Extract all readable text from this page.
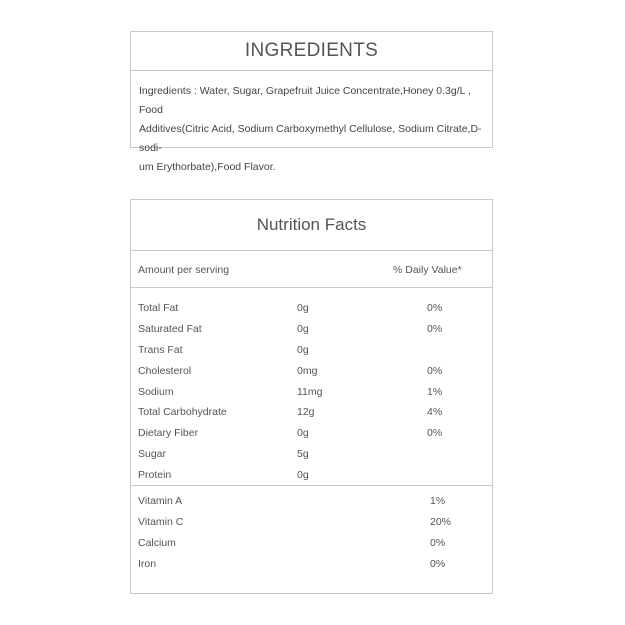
INGREDIENTS
Ingredients : Water, Sugar, Grapefruit Juice Concentrate,Honey 0.3g/L , Food
Additives(Citric Acid, Sodium Carboxymethyl Cellulose, Sodium Citrate,D-sodi-
um Erythorbate),Food Flavor.
Nutrition Facts
Amount per serving	% Daily Value*
Total Fat	0g	0%
Saturated Fat	0g	0%
Trans Fat	0g
Cholesterol	0mg	0%
Sodium	11mg	1%
Total Carbohydrate	12g	4%
Dietary Fiber	0g	0%
Sugar	5g
Protein	0g
Vitamin A	1%
Vitamin C	20%
Calcium	0%
Iron	0%
